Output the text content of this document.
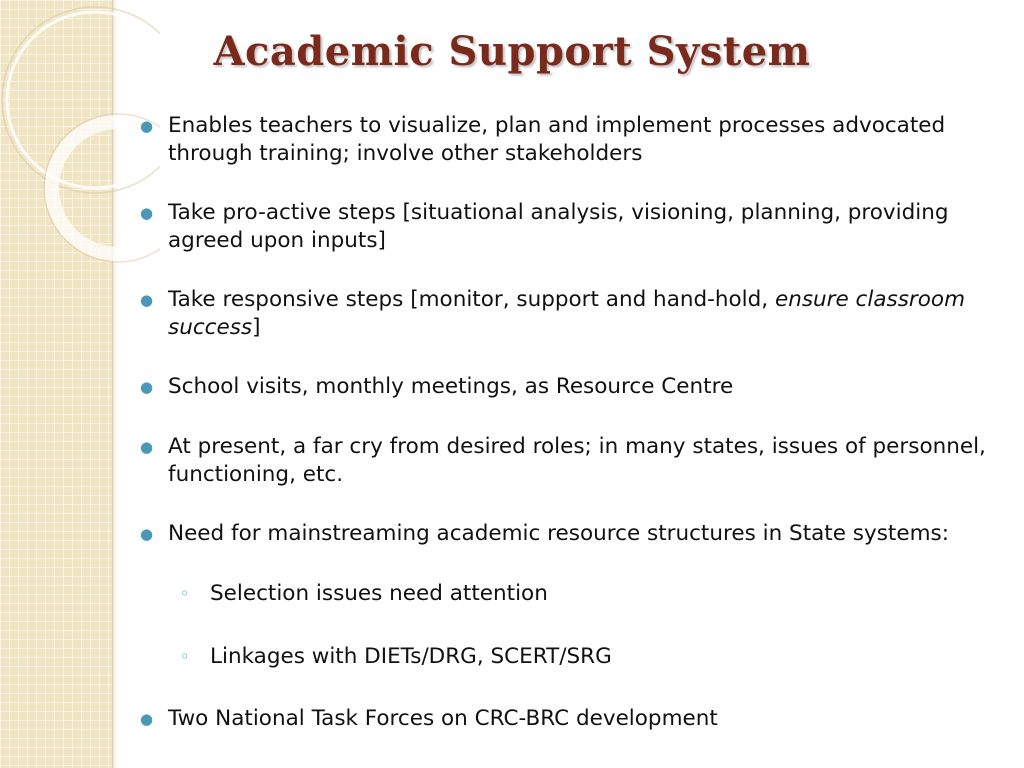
Academic Support System
● Enables teachers to visualize, plan and implement processes advocated through training; involve other stakeholders
● Take pro-active steps [situational analysis, visioning, planning, providing agreed upon inputs]
● Take responsive steps [monitor, support and hand-hold, ensure classroom success]
● School visits, monthly meetings, as Resource Centre
● At present, a far cry from desired roles; in many states, issues of personnel, functioning, etc.
● Need for mainstreaming academic resource structures in State systems:
◦ Selection issues need attention
◦ Linkages with DIETs/DRG, SCERT/SRG
● Two National Task Forces on CRC-BRC development
